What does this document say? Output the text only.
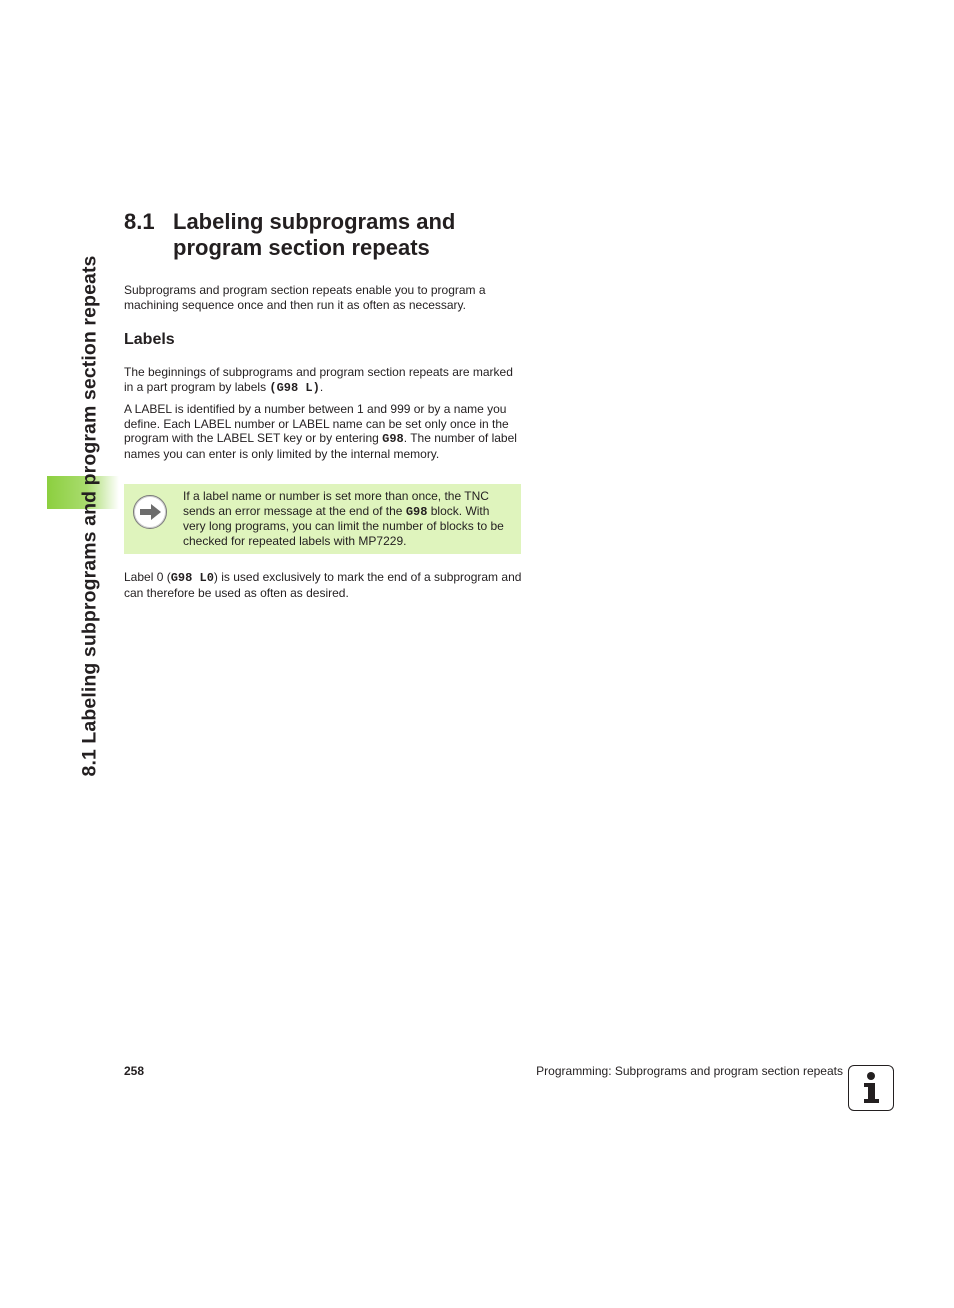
8.1 Labeling subprograms and program section repeats
8.1 Labeling subprograms and program section repeats

Subprograms and program section repeats enable you to program a machining sequence once and then run it as often as necessary.

Labels

The beginnings of subprograms and program section repeats are marked in a part program by labels (G98 L).

A LABEL is identified by a number between 1 and 999 or by a name you define. Each LABEL number or LABEL name can be set only once in the program with the LABEL SET key or by entering G98. The number of label names you can enter is only limited by the internal memory.

If a label name or number is set more than once, the TNC sends an error message at the end of the G98 block. With very long programs, you can limit the number of blocks to be checked for repeated labels with MP7229.

Label 0 (G98 L0) is used exclusively to mark the end of a subprogram and can therefore be used as often as desired.

258	Programming: Subprograms and program section repeats
